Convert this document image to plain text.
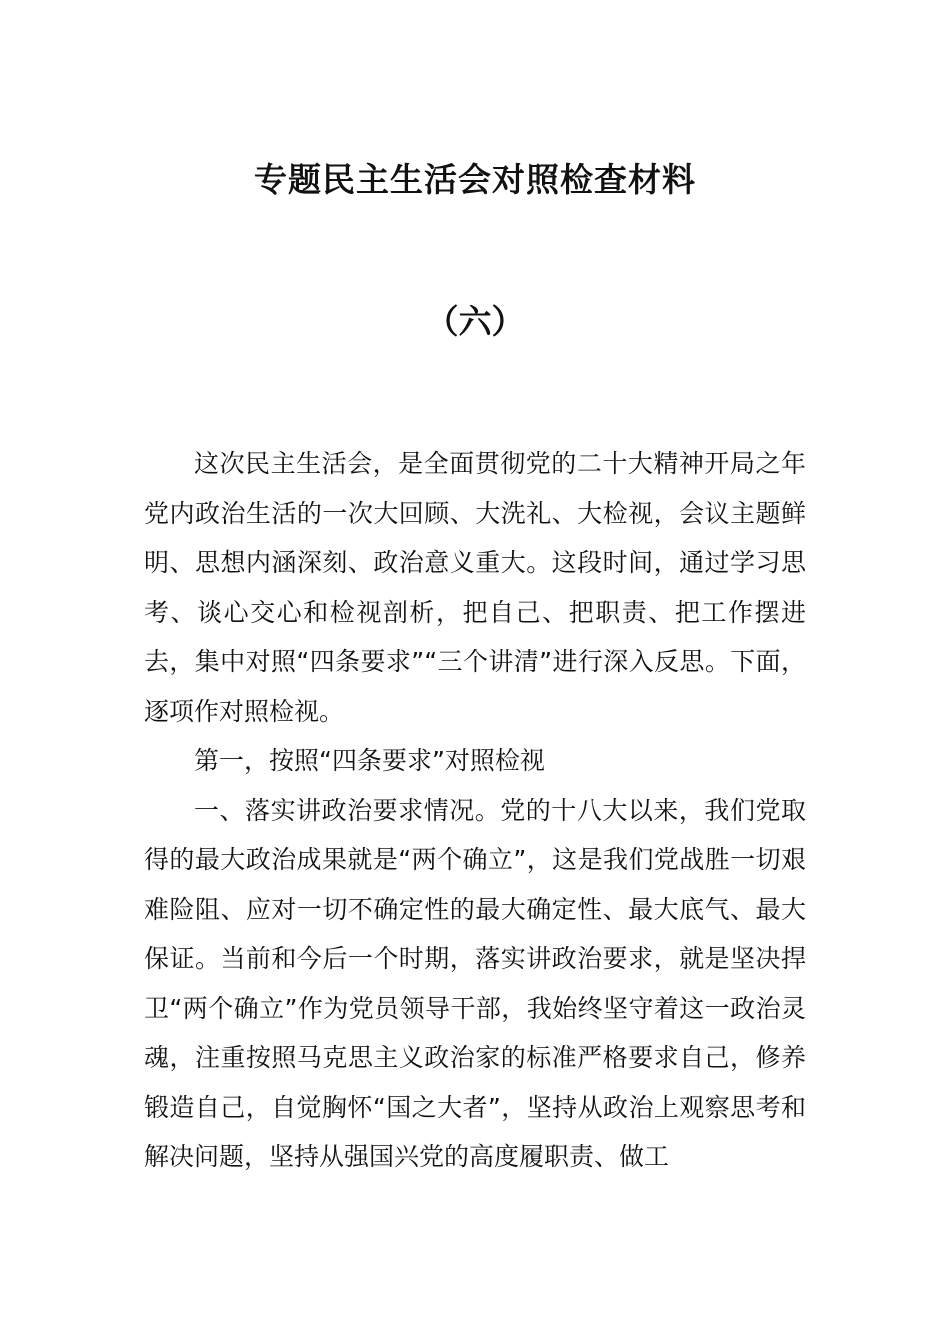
专题民主生活会对照检查材料
（六）

这次民主生活会，是全面贯彻党的二十大精神开局之年党内政治生活的一次大回顾、大洗礼、大检视，会议主题鲜明、思想内涵深刻、政治意义重大。这段时间，通过学习思考、谈心交心和检视剖析，把自己、把职责、把工作摆进去，集中对照“四条要求”“三个讲清”进行深入反思。下面，逐项作对照检视。

第一，按照“四条要求”对照检视

一、落实讲政治要求情况。党的十八大以来，我们党取得的最大政治成果就是“两个确立”，这是我们党战胜一切艰难险阻、应对一切不确定性的最大确定性、最大底气、最大保证。当前和今后一个时期，落实讲政治要求，就是坚决捍卫“两个确立”作为党员领导干部，我始终坚守着这一政治灵魂，注重按照马克思主义政治家的标准严格要求自己，修养锻造自己，自觉胸怀“国之大者”，坚持从政治上观察思考和解决问题，坚持从强国兴党的高度履职责、做工
